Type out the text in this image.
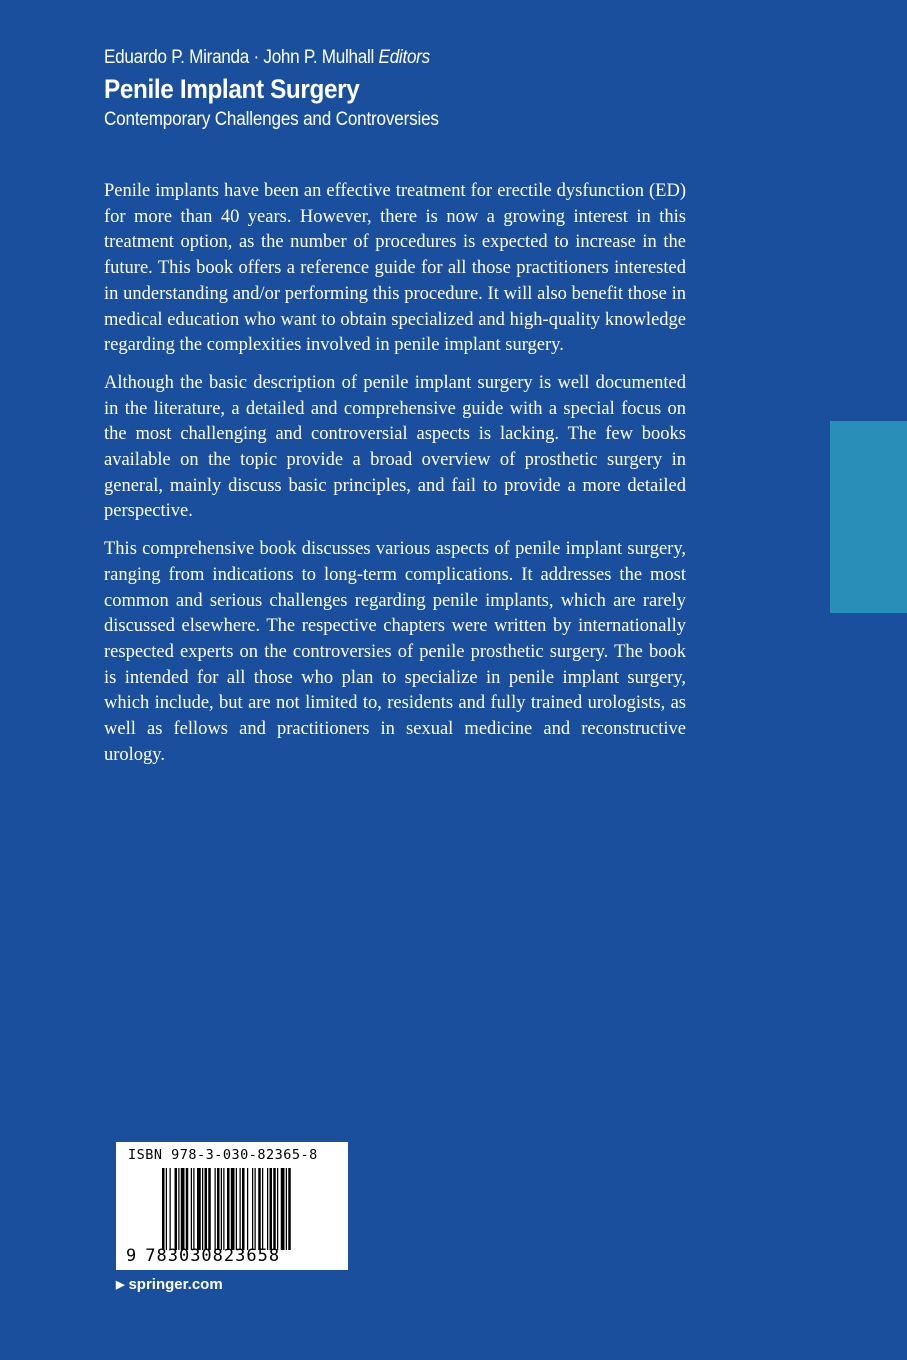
Eduardo P. Miranda · John P. Mulhall Editors

Penile Implant Surgery

Contemporary Challenges and Controversies

Penile implants have been an effective treatment for erectile dysfunction (ED) for more than 40 years. However, there is now a growing interest in this treatment option, as the number of procedures is expected to increase in the future. This book offers a reference guide for all those practitioners interested in understanding and/or performing this procedure. It will also benefit those in medical education who want to obtain specialized and high-quality knowledge regarding the complexities involved in penile implant surgery.

Although the basic description of penile implant surgery is well documented in the literature, a detailed and comprehensive guide with a special focus on the most challenging and controversial aspects is lacking. The few books available on the topic provide a broad overview of prosthetic surgery in general, mainly discuss basic principles, and fail to provide a more detailed perspective.

This comprehensive book discusses various aspects of penile implant surgery, ranging from indications to long-term complications. It addresses the most common and serious challenges regarding penile implants, which are rarely discussed elsewhere. The respective chapters were written by internationally respected experts on the controversies of penile prosthetic surgery. The book is intended for all those who plan to specialize in penile implant surgery, which include, but are not limited to, residents and fully trained urologists, as well as fellows and practitioners in sexual medicine and reconstructive urology.

ISBN 978-3-030-82365-8
9 783030823658
▶ springer.com
